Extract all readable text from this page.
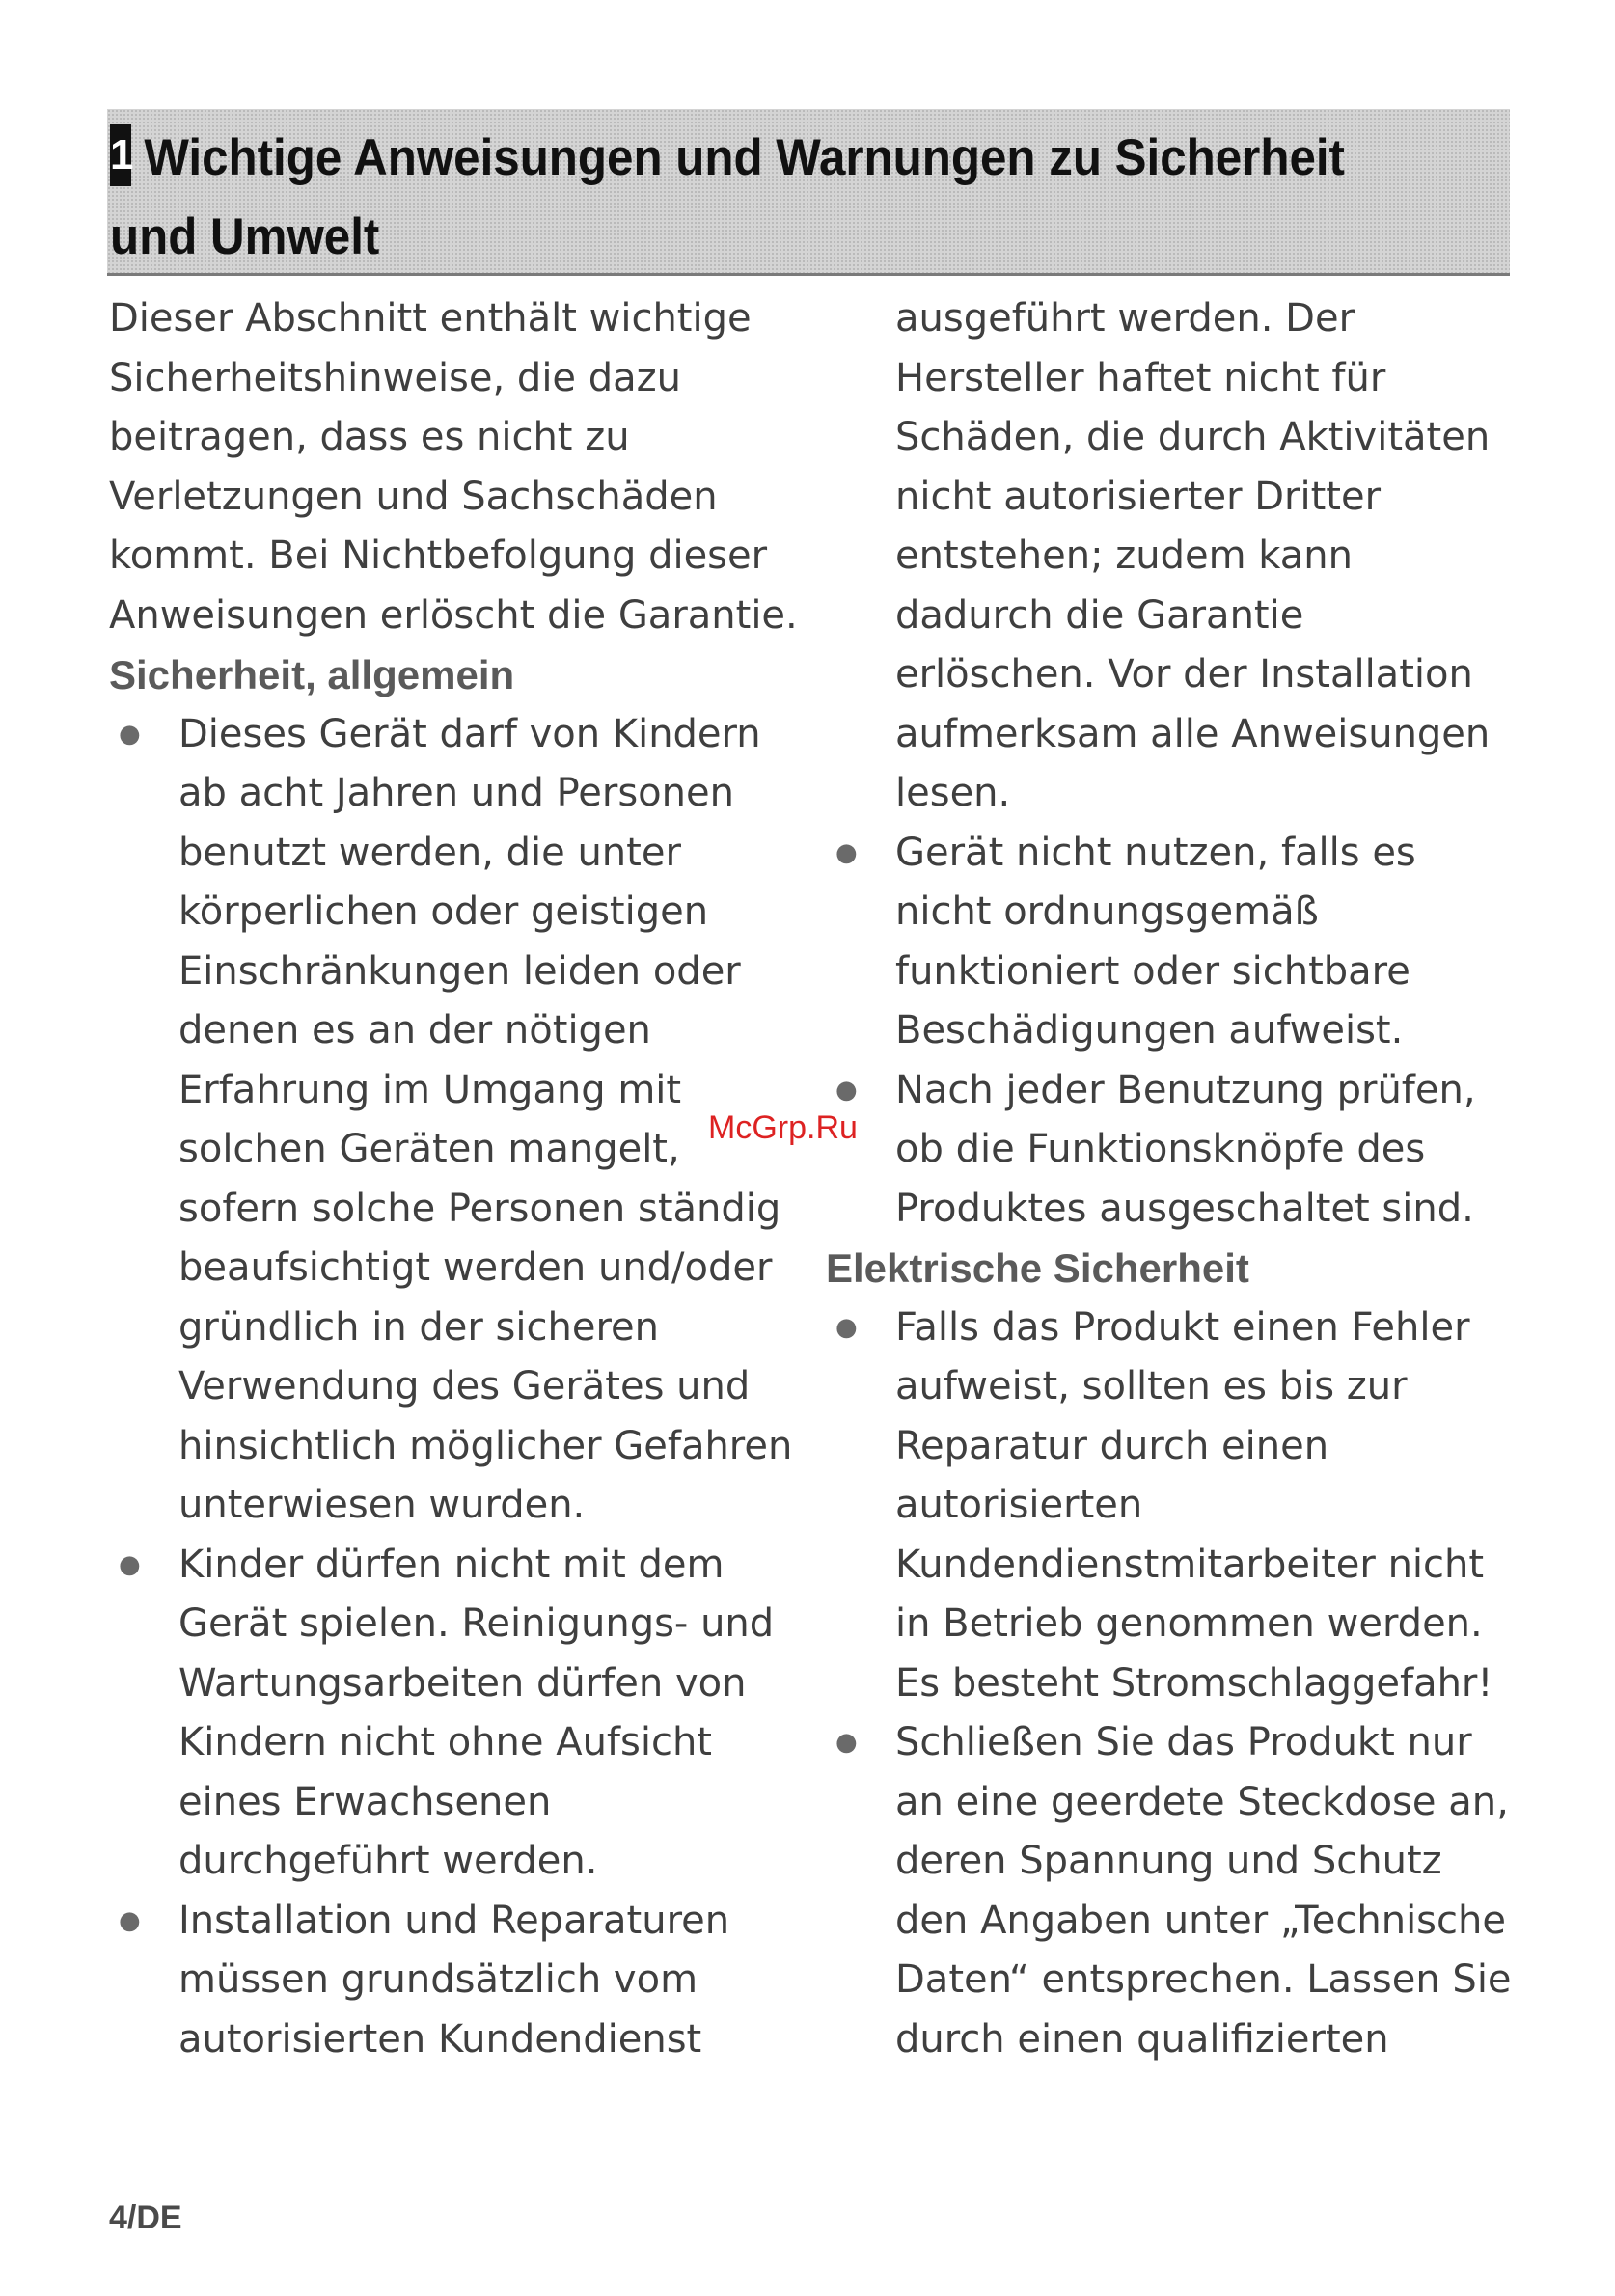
1 Wichtige Anweisungen und Warnungen zu Sicherheit und Umwelt

Dieser Abschnitt enthält wichtige Sicherheitshinweise, die dazu beitragen, dass es nicht zu Verletzungen und Sachschäden kommt. Bei Nichtbefolgung dieser Anweisungen erlöscht die Garantie.

Sicherheit, allgemein
● Dieses Gerät darf von Kindern ab acht Jahren und Personen benutzt werden, die unter körperlichen oder geistigen Einschränkungen leiden oder denen es an der nötigen Erfahrung im Umgang mit solchen Geräten mangelt, sofern solche Personen ständig beaufsichtigt werden und/oder gründlich in der sicheren Verwendung des Gerätes und hinsichtlich möglicher Gefahren unterwiesen wurden.
● Kinder dürfen nicht mit dem Gerät spielen. Reinigungs- und Wartungsarbeiten dürfen von Kindern nicht ohne Aufsicht eines Erwachsenen durchgeführt werden.
● Installation und Reparaturen müssen grundsätzlich vom autorisierten Kundendienst

ausgeführt werden. Der Hersteller haftet nicht für Schäden, die durch Aktivitäten nicht autorisierter Dritter entstehen; zudem kann dadurch die Garantie erlöschen. Vor der Installation aufmerksam alle Anweisungen lesen.

● Gerät nicht nutzen, falls es nicht ordnungsgemäß funktioniert oder sichtbare Beschädigungen aufweist.
● Nach jeder Benutzung prüfen, ob die Funktionsknöpfe des Produktes ausgeschaltet sind.
Elektrische Sicherheit
● Falls das Produkt einen Fehler aufweist, sollten es bis zur Reparatur durch einen autorisierten Kundendienstmitarbeiter nicht in Betrieb genommen werden. Es besteht Stromschlaggefahr!
● Schließen Sie das Produkt nur an eine geerdete Steckdose an, deren Spannung und Schutz den Angaben unter „Technische Daten“ entsprechen. Lassen Sie durch einen qualifizierten
McGrp.Ru
4/DE
